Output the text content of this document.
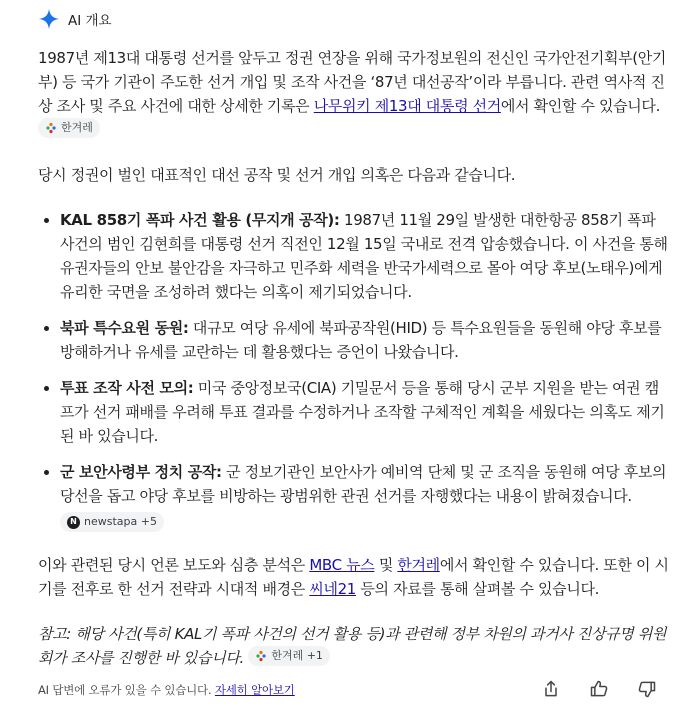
AI 개요

1987년 제13대 대통령 선거를 앞두고 정권 연장을 위해 국가정보원의 전신인 국가안전기획부(안기부) 등 국가 기관이 주도한 선거 개입 및 조작 사건을 ‘87년 대선공작’이라 부릅니다. 관련 역사적 진상 조사 및 주요 사건에 대한 상세한 기록은 나무위키 제13대 대통령 선거에서 확인할 수 있습니다.
한겨레

당시 정권이 벌인 대표적인 대선 공작 및 선거 개입 의혹은 다음과 같습니다.

• KAL 858기 폭파 사건 활용 (무지개 공작): 1987년 11월 29일 발생한 대한항공 858기 폭파 사건의 범인 김현희를 대통령 선거 직전인 12월 15일 국내로 전격 압송했습니다. 이 사건을 통해 유권자들의 안보 불안감을 자극하고 민주화 세력을 반국가세력으로 몰아 여당 후보(노태우)에게 유리한 국면을 조성하려 했다는 의혹이 제기되었습니다.
• 북파 특수요원 동원: 대규모 여당 유세에 북파공작원(HID) 등 특수요원들을 동원해 야당 후보를 방해하거나 유세를 교란하는 데 활용했다는 증언이 나왔습니다.
• 투표 조작 사전 모의: 미국 중앙정보국(CIA) 기밀문서 등을 통해 당시 군부 지원을 받는 여권 캠프가 선거 패배를 우려해 투표 결과를 수정하거나 조작할 구체적인 계획을 세웠다는 의혹도 제기된 바 있습니다.
• 군 보안사령부 정치 공작: 군 정보기관인 보안사가 예비역 단체 및 군 조직을 동원해 여당 후보의 당선을 돕고 야당 후보를 비방하는 광범위한 관권 선거를 자행했다는 내용이 밝혀졌습니다.
N newstapa +5

이와 관련된 당시 언론 보도와 심층 분석은 MBC 뉴스 및 한겨레에서 확인할 수 있습니다. 또한 이 시기를 전후로 한 선거 전략과 시대적 배경은 씨네21 등의 자료를 통해 살펴볼 수 있습니다.

참고: 해당 사건(특히 KAL기 폭파 사건의 선거 활용 등)과 관련해 정부 차원의 과거사 진상규명 위원회가 조사를 진행한 바 있습니다. 한겨레 +1

AI 답변에 오류가 있을 수 있습니다. 자세히 알아보기
